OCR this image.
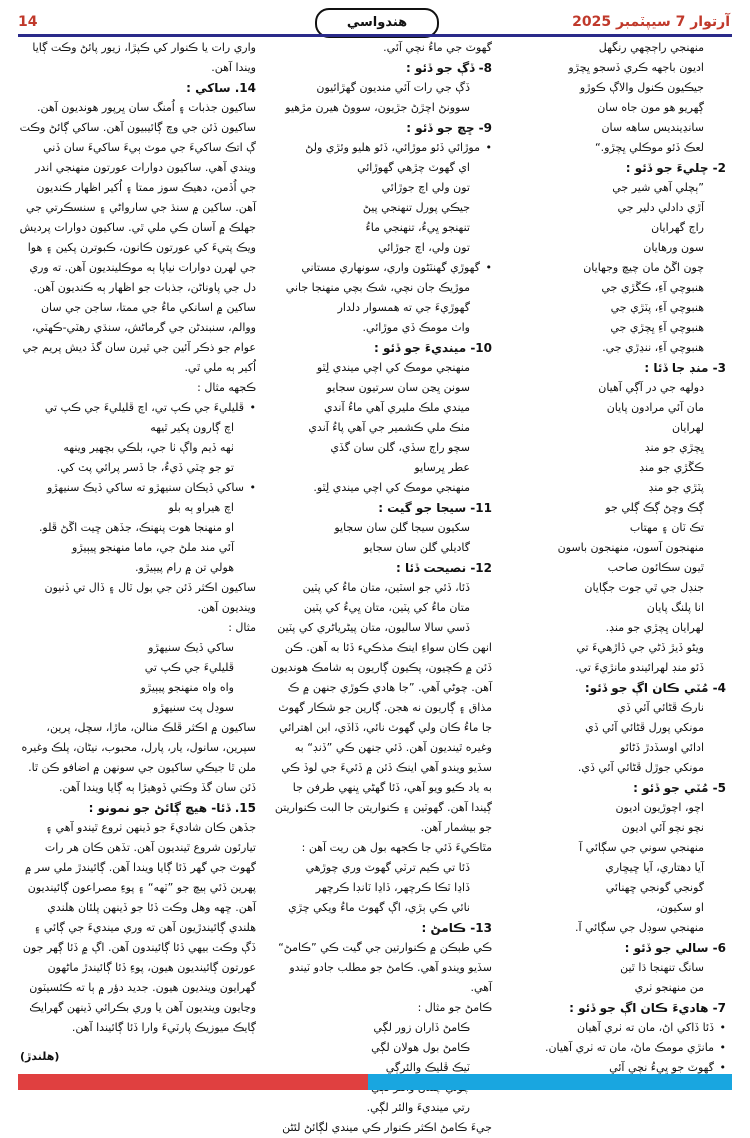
14	هندواسي	آرتوار 7 سيپٽمبر 2025

منهنجي راڄچهي رنگهل

اديون باجهه ڪري ڏسجو ڀچڙو

جيڪيون ڪنول والاڳ ڪوڙو

ڳهريو هو مون جاه سان

سانڍينديس ساهه سان

لعڪ ڏئو موڪلي ڀچڙو.“

2- چليءَ جو ڏئو :

”ٻچلي آهي شير جي

آڙي دادلي دلير جي

راڄ گهرايان

سون ورهايان

چون اڱڻ مان چيچ وجهايان

هنبوچي آءِ، ڪڱڙي جي

هنبوچي آءِ، پٽڙي جي

هنبوچي آءِ ڀچڙي جي

هنبوچي آءِ، ننڍڙي جي.

3- منڊ جا ڏئا :

دولهه جي در آڳي آهيان

مان آئي مرادون پايان

لھرايان

ڀچڙي جو منڊ

ڪڱڙي جو منڊ

پٽڙي جو منڊ

ڳڪ وچڻ ڳڪ ڳلي جو

تڪ ٽان ۽ مهتاب

منهنجون آسون، منهنجون باسون

ٿيون سڪائون صاحب

جنڊل جي ٿي جوت جڳايان

انا پلنگ پايان

لھرايان ڀچڙي جو منڊ.

ويڻو ڏيڙ ڏڻي جي ڏاڙهيءَ تي

ڏئو منڊ لھرائيندو مانڙيءَ تي.

4- مُٽي ڪان اڳ جو ڏئو:

نارڪ ڦڻائي آئي ڏي

مونکي پورل ڦڻائي آئي ڏي

ادائي اوسڏدڙ ڏڻائو

مونکي جوڙل ڦڻائي آئي ڏي.

5- مُٽي جو ڏئو :

اچو، اچوڙيون اديون

نچو نچو آئي اديون

منهنجي سوني جي سڳائي آ

آيا دهتاري، آيا ڇيڇاري

گونجي گونجي ڇهنائي

او سکيون،

منهنجي سوڊل جي سڳائي آ.

6- سالي جو ڏئو :

سانگ تنهنجا ڌا ٿين

من منهنجو ٺري

7- هاديءَ ڪان اڳ جو ڏئو :

• ڏئا ڏاکي اڻ، مان ته ٺري آهيان

• مانڙي مومڪ ماڻ، مان ته ٺري آهيان.

• گهوٽ جو ڀيءُ نچي آئي

گهوٽ جي ماءُ نچي آئي.

8- ڏڳ جو ڏئو :

ڏڳ جي رات آئي منديون گهڙائيون

سوونڻ اچڙڻ جڙيون، سووڻ هيرن مڙهيو

9- ڇچ جو ڏئو :

• موڙائي ڏئو موڙائي، ڏئو هليو وئڙي ولڻ

اي گهوٽ چڙهي گهوڙائي

تون ولي اچ جوڙائي

جيڪي پورل تنهنجي پيڻ

تنهنجو ڀيءُ، تنهنجي ماءُ

تون ولي، اچ جوڙائي

• گهوڙي گهنٽڻون واري، سونهاري مستاني

موڙيڪ جان نچي، شڪ بچي منهنجا جاني

گهوڙيءَ جي ته همسوار دلدار

واٺ مومڪ ڏي موڙائي.

10- مينديءَ جو ڏئو :

منهنجي مومڪ کي اچي ميندي لِٿو

سونن ڀڃن سان سرتيون سجايو

ميندي ملڪ مليري آهي ماءُ آندي

مٺڪ ملي ڪشمير جي آهي پاءُ آندي

سچو راڄ سڏي، گلن سان گڏي

عطر ڀرسايو

منهنجي مومڪ کي اچي ميندي لِٿو.

11- سيجا جو گيت :

سکيون سيجا گلن سان سجايو

گاديلي گلن سان سجايو

12- نصيحت ڏئا :

ڏئا، ڏئي جو اسٽين، متان ماءُ کي پٽين

متان ماءُ کي پٽين، متان ڀيءُ کي پٽين

ڏسي سالا ساليون، متان پيڻرياڻري کي پٽين

انهن ڪان سواءِ اينڪ مذڪيء ڏئا به آهن. ڪن ڏئن ۾ ڪچيون، پڪيون ڳاريون ٻه شامڪ هونديون آهن. چوڻي آهي. ”جا هادي ڪوڙي جنهن ۾ ڪ مذاق ۽ ڳاريون نه هجن. ڳارين جو شڪار گهوٽ جا ماءُ ڪان ولي گهوٽ نائي، ڏاڏي، ابن اهترائي وغيره ٿينديون آهن. ڏئي جنهن ڪي ”ڏنڊ“ به سڏيو ويندو آهي اينڪ ڏئن ۾ ڏئيءَ جي لوڏ ڪي به ياد ڪيو ويو آهي، ڏئا گهڻي ڀنهي طرفن جا ڳيندا آهن. گهوٽين ۽ ڪنواريتن جا البت ڪنواريتن جو بيشمار آهن.

مٿاڪيءَ ڏئي جا ڪجهه بول هن ريت آهن :

ڏئا تي ڪيم ترٽي گهوٽ وري چوڙهي

ڏاڍا ٽڪا ڪرچهر، ڏاڍا ٽانڊا ڪرچهر

نائي ڪي ٻڙي، اڳ گهوٽ ماءُ ويکي چڙي

13- ڪامڻ :

ڪي طبڪن ۾ ڪنوارتين جي گيت ڪي ”ڪامڻ“ سڏيو ويندو آهي. ڪامڻ جو مطلب جادو ٽيندو آهي.

ڪامڻ جو مثال :

ڪامڻ ڏاران زور لڳي

ڪامڻ بول هولان لڳي

ٽيڪ ڦليڪ والئرڳي

رتي مينديءَ والئر لڳي.

جيءَ ڪامڻ اڪثر ڪنوار ڪي ميندي لڳائڻ لئڻن

واري رات يا ڪنوار کي ڪپڙا، زيور پائڻ وڪت ڳايا ويندا آهن.

14. ساکي :

ساکيون جذبات ۽ اُمنگ سان ڀرپور هونديون آهن. ساکيون ڏئن جي وچ ڳائيبيون آهن. ساکي ڳائڻ وڪت ڳ اتڪ ساکيءَ جي موٽ ٻيءَ ساکيءَ سان ڏني ويندي آهي. ساکيون دوارات عورتون منهنجي اندر جي اُڏمن، دهيڪ سوز ممتا ۽ اُکير اظهار ڪنديون آهن. ساکين ۾ سنڌ جي سارواڻي ۽ سنسڪرتي جي جهلڪ ۾ آسان ڪي ملي ٿي. ساکيون دوارات پرديش ويڪ پتيءَ کي عورتون ڪانون، ڪبوترن پکين ۽ هوا جي لهرن دوارات نياپا ٻه موڪلينديون آهن. ته وري دل جي پاوناڻن، جذبات جو اظهار ٻه ڪنديون آهن.

ساکين ۾ اسانکي ماءُ جي ممتا، ساجن جي سان ووالم، سنبندڻن جي گرماڻش، سنڌي رهٽي-ڪهٽي، عوام جو ذڪر آئين جي ٿيرن سان گڏ ديش پريم جي اُکير ٻه ملي ٿي.

ڪجهه مثال :

• ڦليليءَ جي ڪپ تي، اچ ڦليليءَ جي ڪپ تي

اچ ڳارون پکير ٿيهه

ٺهه ڏيم واڳ ٺا جي، بلڪي بچهير وينهه

تو جو چٽي ڏيءُ، جا ڏسر پرائي پٽ کي.

• ساکي ڏيڪان سنيهڙو ته ساکي ڏيڪ سنيهڙو

اچ هيراو ٻه بلو

او منهنجا هوت پنهنڪ، جڏهن ڇيت اڱڻ ڦلو.

آئي مند ملڻ جي، ماما منهنجو پيٻيڙو

هولي تن ۾ رام پيٻيڙو.

ساکيون اڪثر ڏئن جي بول ٽال ۽ ڏال تي ڏنيون وينديون آهن.

مثال :

ساکي ڏيڪ سنيهڙو

ڦليليءَ جي ڪپ تي

واه واه منهنجو پيٻيڙو

سوڊل پٽ سنيهڙو

ساکيون ۾ اڪثر ڦلڪ منالن، ماڙا، سچل، پرين، سپرين، سانول، يار، پارل، محبوب، نيڻان، پلڪ وغيره ملن ٿا جيڪي ساکيون جي سونهن ۾ اضافو ڪن ٿا. ڏئن سان گڏ وڪتي ڏوهيڙا ٻه ڳايا ويندا آهن.

15. ڏئا- هيچ ڳائڻ جو نمونو :

جڏهن ڪان شاديءَ جو ڏينهن ٺروع ٿيندو آهي ۽ تيارئون شروع ٿينديون آهن. تڏهن ڪان هر رات گهوٽ جي گهر ڏئا ڳايا ويندا آهن. ڳائيندڙ ملي سر ۾ پهرين ڏئي ٻيچ جو ”ٽهه“ ۽ پوءِ مصراعون ڳائينديون آهن. ڇهه وهل وڪت ڏئا جو ڏينهن پلئان هلندي هلندي ڳائيندڙيون آهن ته وري مينديءَ جي ڳائي ۽ ڏڳ وڪت بيهي ڏئا ڳائيندون آهن. اڳ ۾ ڏئا ڳهر جون عورتون ڳائينديون هيون، پوءِ ڏئا ڳائيندڙ ماڻهون گهرايون وينديون هيون. جديد دؤر ۾ ٻا ته ڪئسيٽون وڃايون وينديون آهن يا وري بڪرائي ڏينهن گهرايڪ ڳايڪ ميوزيڪ پارٽيءَ وارا ڏئا ڳائيندا آهن.

(هلندڙ)
